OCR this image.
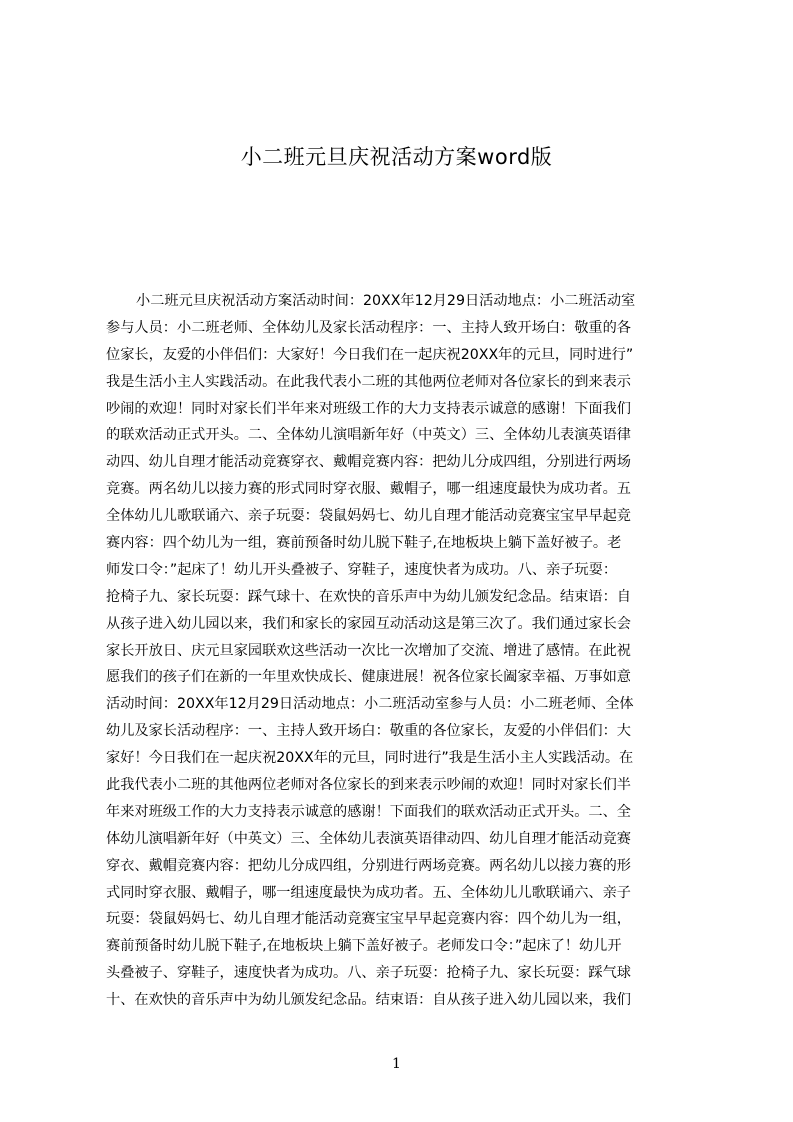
小二班元旦庆祝活动方案word版
小二班元旦庆祝活动方案活动时间：20XX年12月29日活动地点：小二班活动室
参与人员：小二班老师、全体幼儿及家长活动程序：一、主持人致开场白：敬重的各
位家长，友爱的小伴侣们：大家好！今日我们在一起庆祝20XX年的元旦，同时进行”
我是生活小主人实践活动。在此我代表小二班的其他两位老师对各位家长的到来表示
吵闹的欢迎！同时对家长们半年来对班级工作的大力支持表示诚意的感谢！下面我们
的联欢活动正式开头。二、全体幼儿演唱新年好（中英文）三、全体幼儿表演英语律
动四、幼儿自理才能活动竞赛穿衣、戴帽竞赛内容：把幼儿分成四组，分别进行两场
竞赛。两名幼儿以接力赛的形式同时穿衣服、戴帽子，哪一组速度最快为成功者。五
全体幼儿儿歌联诵六、亲子玩耍：袋鼠妈妈七、幼儿自理才能活动竞赛宝宝早早起竞
赛内容：四个幼儿为一组，赛前预备时幼儿脱下鞋子,在地板块上躺下盖好被子。老
师发口令：”起床了！幼儿开头叠被子、穿鞋子，速度快者为成功。八、亲子玩耍：
抢椅子九、家长玩耍：踩气球十、在欢快的音乐声中为幼儿颁发纪念品。结束语：自
从孩子进入幼儿园以来，我们和家长的家园互动活动这是第三次了。我们通过家长会
家长开放日、庆元旦家园联欢这些活动一次比一次增加了交流、增进了感情。在此祝
愿我们的孩子们在新的一年里欢快成长、健康进展！祝各位家长阖家幸福、万事如意
活动时间：20XX年12月29日活动地点：小二班活动室参与人员：小二班老师、全体
幼儿及家长活动程序：一、主持人致开场白：敬重的各位家长，友爱的小伴侣们：大
家好！今日我们在一起庆祝20XX年的元旦，同时进行”我是生活小主人实践活动。在
此我代表小二班的其他两位老师对各位家长的到来表示吵闹的欢迎！同时对家长们半
年来对班级工作的大力支持表示诚意的感谢！下面我们的联欢活动正式开头。二、全
体幼儿演唱新年好（中英文）三、全体幼儿表演英语律动四、幼儿自理才能活动竞赛
穿衣、戴帽竞赛内容：把幼儿分成四组，分别进行两场竞赛。两名幼儿以接力赛的形
式同时穿衣服、戴帽子，哪一组速度最快为成功者。五、全体幼儿儿歌联诵六、亲子
玩耍：袋鼠妈妈七、幼儿自理才能活动竞赛宝宝早早起竞赛内容：四个幼儿为一组，
赛前预备时幼儿脱下鞋子,在地板块上躺下盖好被子。老师发口令：”起床了！幼儿开
头叠被子、穿鞋子，速度快者为成功。八、亲子玩耍：抢椅子九、家长玩耍：踩气球
十、在欢快的音乐声中为幼儿颁发纪念品。结束语：自从孩子进入幼儿园以来，我们
1
